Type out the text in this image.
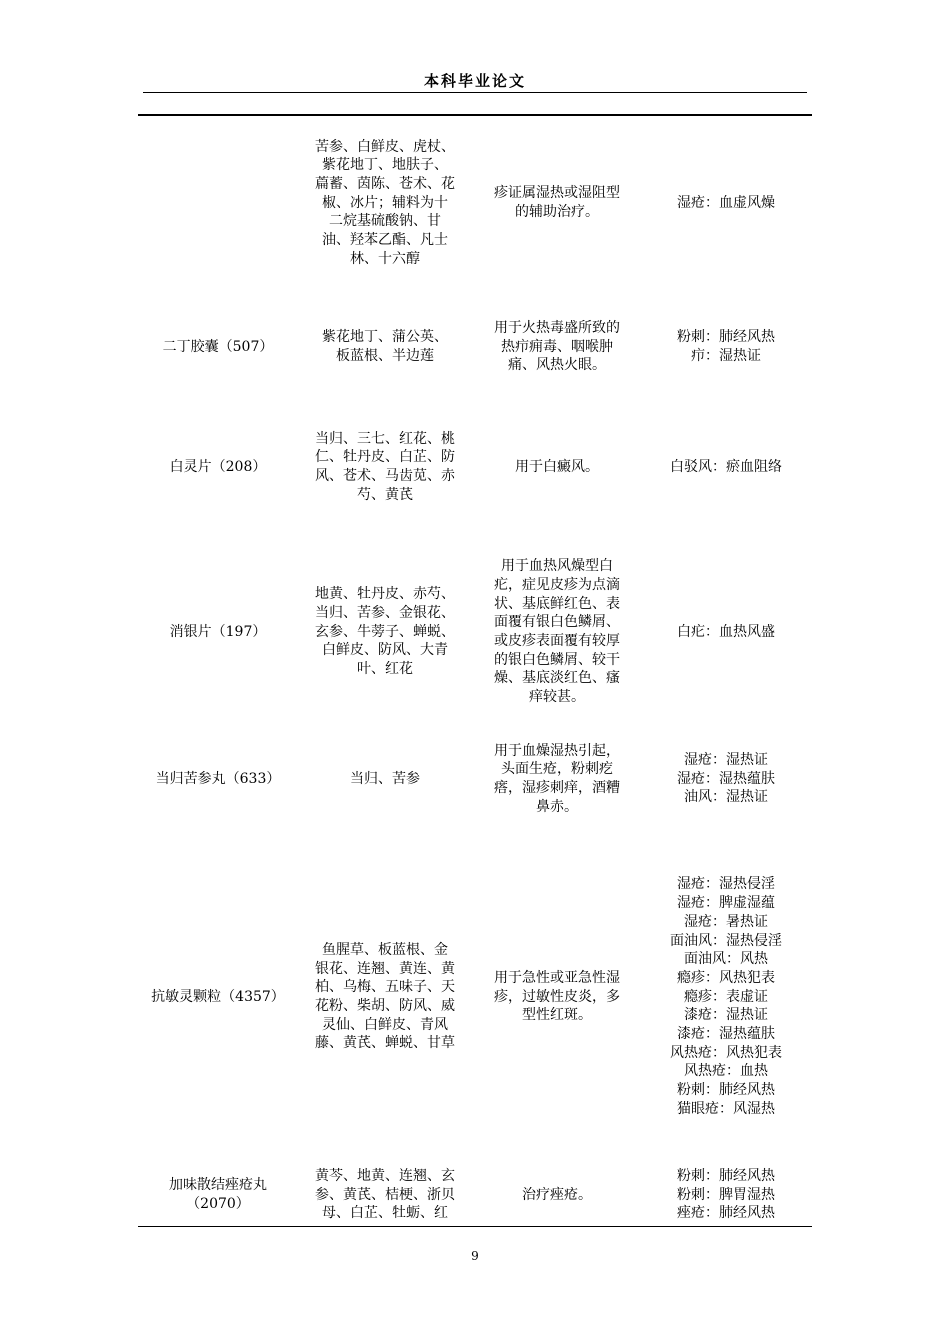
本科毕业论文
苦参、白鲜皮、虎杖、
紫花地丁、地肤子、
萹蓄、茵陈、苍术、花
椒、冰片；辅料为十
二烷基硫酸钠、甘
油、羟苯乙酯、凡士
林、十六醇
疹证属湿热或湿阻型
的辅助治疗。
湿疮：血虚风燥
二丁胶囊（507）
紫花地丁、蒲公英、
板蓝根、半边莲
用于火热毒盛所致的
热疖痈毒、咽喉肿
痛、风热火眼。
粉刺：肺经风热
疖：湿热证
白灵片（208）
当归、三七、红花、桃
仁、牡丹皮、白芷、防
风、苍术、马齿苋、赤
芍、黄芪
用于白癜风。	白驳风：瘀血阻络
消银片（197）
地黄、牡丹皮、赤芍、
当归、苦参、金银花、
玄参、牛蒡子、蝉蜕、
白鲜皮、防风、大青
叶、红花
用于血热风燥型白
疕，症见皮疹为点滴
状、基底鲜红色、表
面覆有银白色鳞屑、
或皮疹表面覆有较厚
的银白色鳞屑、较干
燥、基底淡红色、瘙
痒较甚。
白疕：血热风盛
当归苦参丸（633）	当归、苦参
用于血燥湿热引起，
头面生疮，粉刺疙
瘩，湿疹刺痒，酒糟
鼻赤。
湿疮：湿热证
湿疮：湿热蕴肤
油风：湿热证
抗敏灵颗粒（4357）
鱼腥草、板蓝根、金
银花、连翘、黄连、黄
柏、乌梅、五味子、天
花粉、柴胡、防风、威
灵仙、白鲜皮、青风
藤、黄芪、蝉蜕、甘草
用于急性或亚急性湿
疹，过敏性皮炎，多
型性红斑。
湿疮：湿热侵淫
湿疮：脾虚湿蕴
湿疮：暑热证
面油风：湿热侵淫
面油风：风热
瘾疹：风热犯表
瘾疹：表虚证
漆疮：湿热证
漆疮：湿热蕴肤
风热疮：风热犯表
风热疮：血热
粉刺：肺经风热
猫眼疮：风湿热
加味散结痤疮丸
（2070）
黄芩、地黄、连翘、玄
参、黄芪、桔梗、浙贝
母、白芷、牡蛎、红
治疗痤疮。
粉刺：肺经风热
粉刺：脾胃湿热
痤疮：肺经风热
9
